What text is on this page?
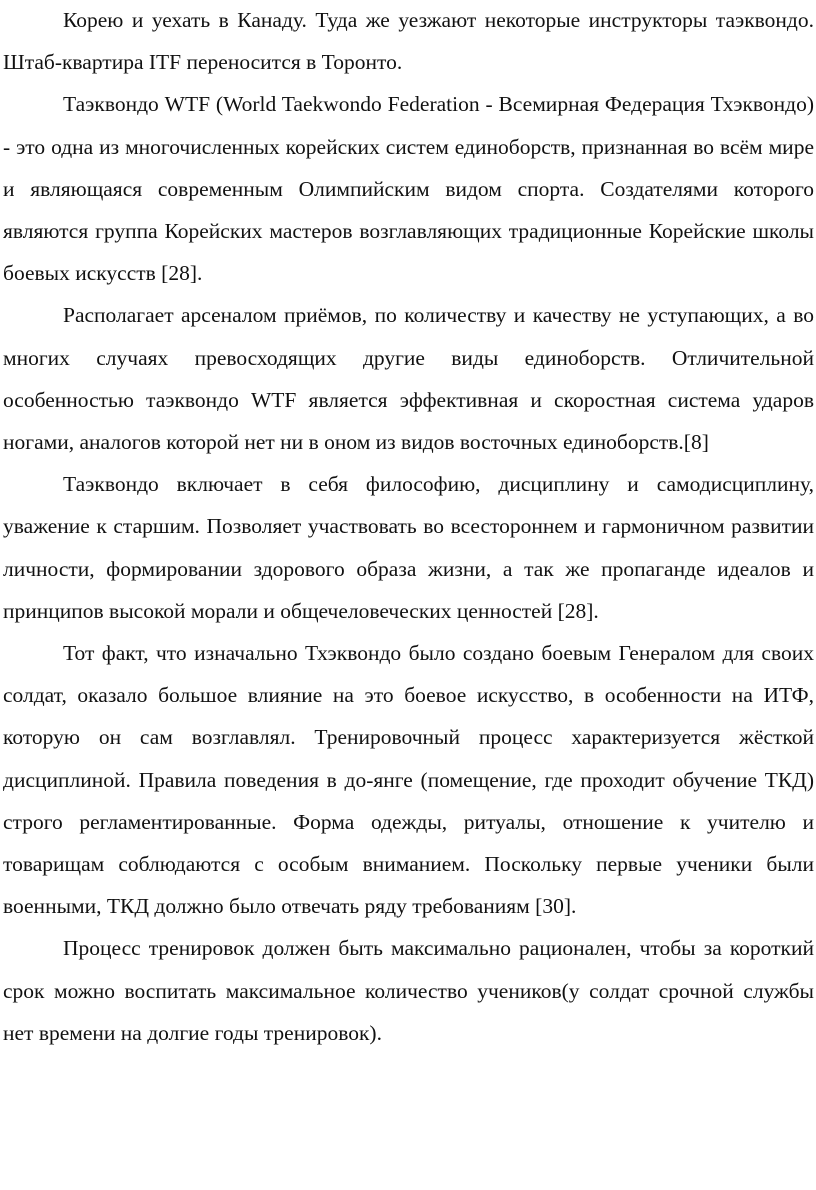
Корею и уехать в Канаду. Туда же уезжают некоторые инструкторы таэквондо. Штаб-квартира ITF переносится в Торонто.

Таэквондо WTF (World Taekwondo Federation - Всемирная Федерация Тхэквондо) - это одна из многочисленных корейских систем единоборств, признанная во всём мире и являющаяся современным Олимпийским видом спорта. Создателями которого являются группа Корейских мастеров возглавляющих традиционные Корейские школы боевых искусств [28].

Располагает арсеналом приёмов, по количеству и качеству не уступающих, а во многих случаях превосходящих другие виды единоборств. Отличительной особенностью таэквондо WTF является эффективная и скоростная система ударов ногами, аналогов которой нет ни в оном из видов восточных единоборств.[8]

Таэквондо включает в себя философию, дисциплину и самодисциплину, уважение к старшим. Позволяет участвовать во всестороннем и гармоничном развитии личности, формировании здорового образа жизни, а так же пропаганде идеалов и принципов высокой морали и общечеловеческих ценностей [28].

Тот факт, что изначально Тхэквондо было создано боевым Генералом для своих солдат, оказало большое влияние на это боевое искусство, в особенности на ИТФ, которую он сам возглавлял. Тренировочный процесс характеризуется жёсткой дисциплиной. Правила поведения в до-янге (помещение, где проходит обучение ТКД) строго регламентированные. Форма одежды, ритуалы, отношение к учителю и товарищам соблюдаются с особым вниманием. Поскольку первые ученики были военными, ТКД должно было отвечать ряду требованиям [30].

Процесс тренировок должен быть максимально рационален, чтобы за короткий срок можно воспитать максимальное количество учеников(у солдат срочной службы нет времени на долгие годы тренировок).
